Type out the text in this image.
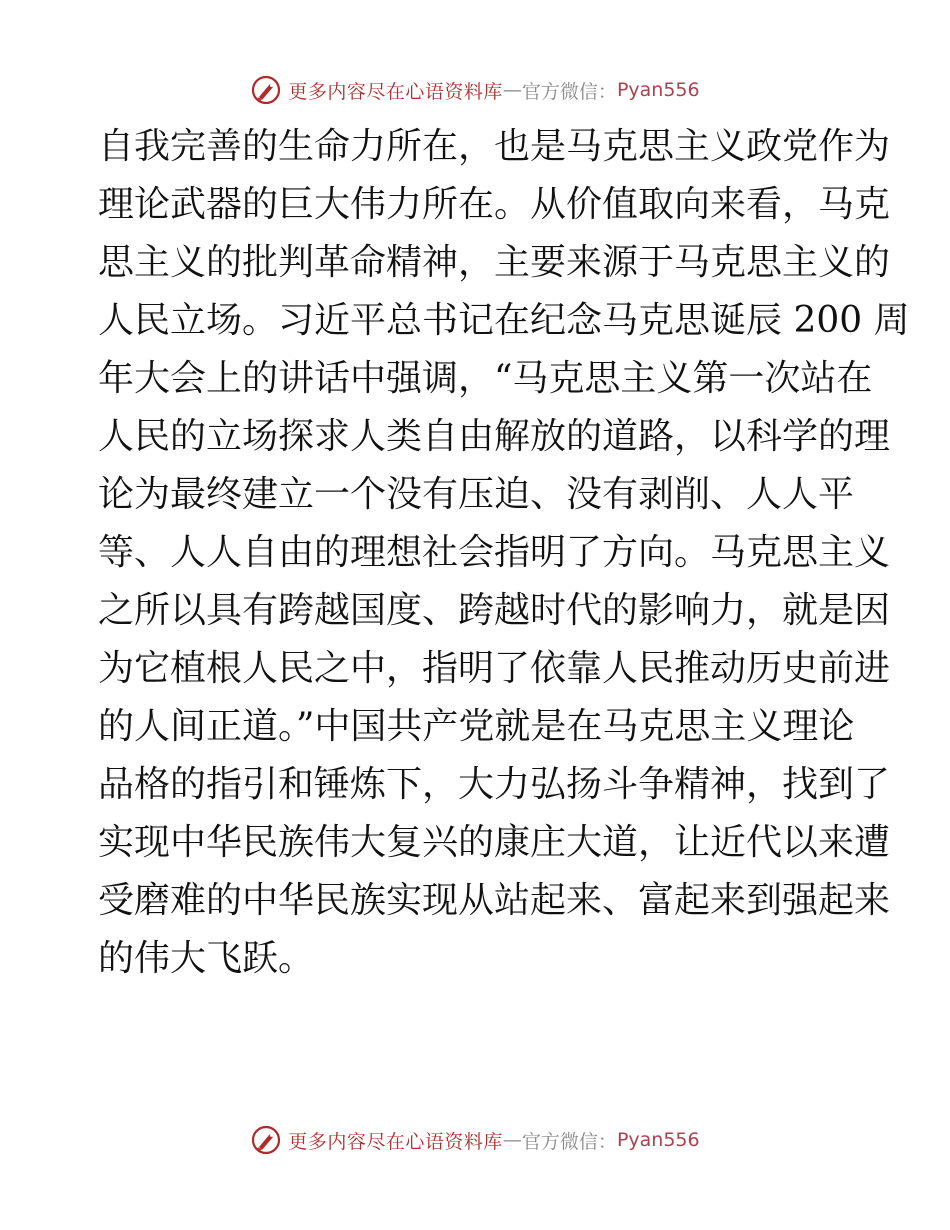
更多内容尽在心语资料库 — 官方微信： Pyan556
自我完善的生命力所在，也是马克思主义政党作为
理论武器的巨大伟力所在。从价值取向来看，马克
思主义的批判革命精神，主要来源于马克思主义的
人民立场。习近平总书记在纪念马克思诞辰 200 周
年大会上的讲话中强调，“马克思主义第一次站在
人民的立场探求人类自由解放的道路，以科学的理
论为最终建立一个没有压迫、没有剥削、人人平
等、人人自由的理想社会指明了方向。马克思主义
之所以具有跨越国度、跨越时代的影响力，就是因
为它植根人民之中，指明了依靠人民推动历史前进
的人间正道。”中国共产党就是在马克思主义理论
品格的指引和锤炼下，大力弘扬斗争精神，找到了
实现中华民族伟大复兴的康庄大道，让近代以来遭
受磨难的中华民族实现从站起来、富起来到强起来
的伟大飞跃。
更多内容尽在心语资料库 — 官方微信： Pyan556
